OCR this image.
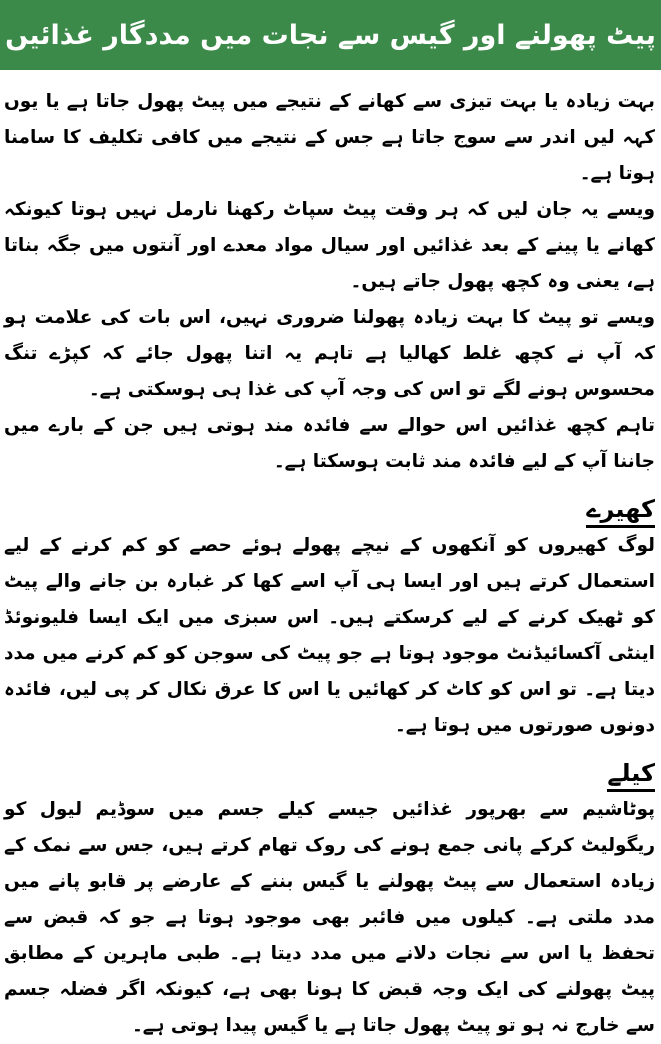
پیٹ پھولنے اور گیس سے نجات میں مددگار غذائیں

بہت زیادہ یا بہت تیزی سے کھانے کے نتیجے میں پیٹ پھول جاتا ہے یا یوں کہہ لیں اندر سے سوج جاتا ہے جس کے نتیجے میں کافی تکلیف کا سامنا ہوتا ہے۔

ویسے یہ جان لیں کہ ہر وقت پیٹ سپاٹ رکھنا نارمل نہیں ہوتا کیونکہ کھانے یا پینے کے بعد غذائیں اور سیال مواد معدے اور آنتوں میں جگہ بناتا ہے، یعنی وہ کچھ پھول جاتے ہیں۔

ویسے تو پیٹ کا بہت زیادہ پھولنا ضروری نہیں، اس بات کی علامت ہو کہ آپ نے کچھ غلط کھالیا ہے تاہم یہ اتنا پھول جائے کہ کپڑے تنگ محسوس ہونے لگے تو اس کی وجہ آپ کی غذا ہی ہوسکتی ہے۔

تاہم کچھ غذائیں اس حوالے سے فائدہ مند ہوتی ہیں جن کے بارے میں جاننا آپ کے لیے فائدہ مند ثابت ہوسکتا ہے۔

کھیرے

لوگ کھیروں کو آنکھوں کے نیچے پھولے ہوئے حصے کو کم کرنے کے لیے استعمال کرتے ہیں اور ایسا ہی آپ اسے کھا کر غبارہ بن جانے والے پیٹ کو ٹھیک کرنے کے لیے کرسکتے ہیں۔ اس سبزی میں ایک ایسا فلیونوئڈ اینٹی آکسائیڈنٹ موجود ہوتا ہے جو پیٹ کی سوجن کو کم کرنے میں مدد دیتا ہے۔ تو اس کو کاٹ کر کھائیں یا اس کا عرق نکال کر پی لیں، فائدہ دونوں صورتوں میں ہوتا ہے۔

کیلے

پوٹاشیم سے بھرپور غذائیں جیسے کیلے جسم میں سوڈیم لیول کو ریگولیٹ کرکے پانی جمع ہونے کی روک تھام کرتے ہیں، جس سے نمک کے زیادہ استعمال سے پیٹ پھولنے یا گیس بننے کے عارضے پر قابو پانے میں مدد ملتی ہے۔ کیلوں میں فائبر بھی موجود ہوتا ہے جو کہ قبض سے تحفظ یا اس سے نجات دلانے میں مدد دیتا ہے۔ طبی ماہرین کے مطابق پیٹ پھولنے کی ایک وجہ قبض کا ہونا بھی ہے، کیونکہ اگر فضلہ جسم سے خارج نہ ہو تو پیٹ پھول جاتا ہے یا گیس پیدا ہوتی ہے۔
